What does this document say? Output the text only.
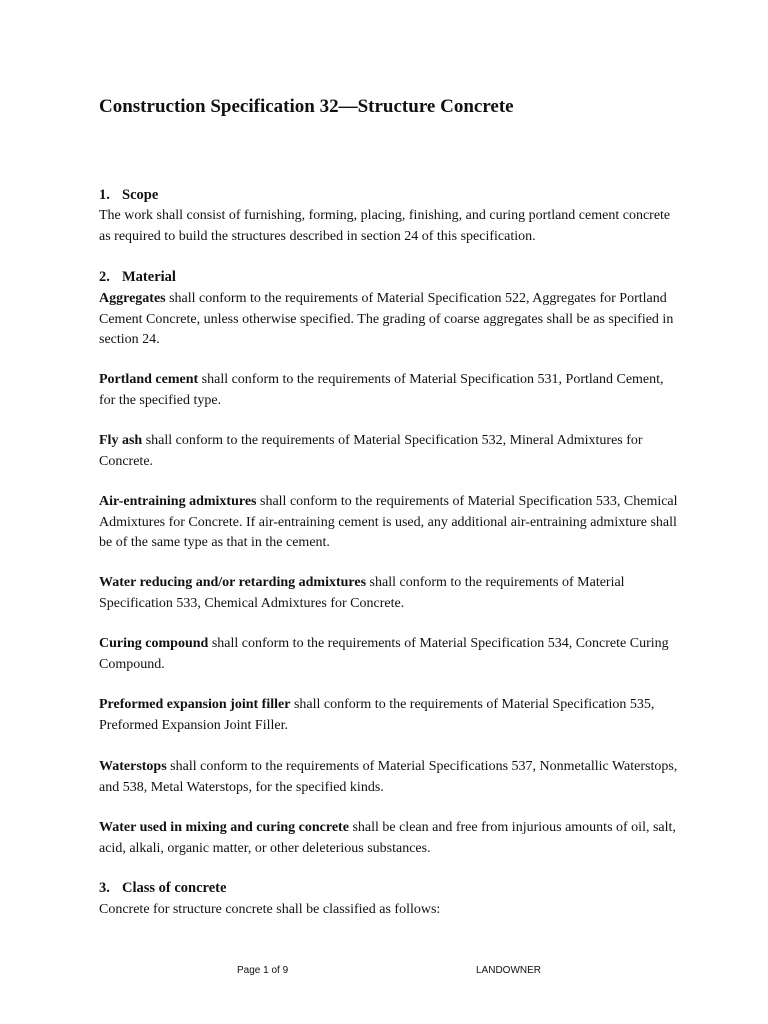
Construction Specification 32—Structure Concrete
1. Scope

The work shall consist of furnishing, forming, placing, finishing, and curing portland cement concrete as required to build the structures described in section 24 of this specification.

2. Material

Aggregates shall conform to the requirements of Material Specification 522, Aggregates for Portland Cement Concrete, unless otherwise specified. The grading of coarse aggregates shall be as specified in section 24.

Portland cement shall conform to the requirements of Material Specification 531, Portland Cement, for the specified type.

Fly ash shall conform to the requirements of Material Specification 532, Mineral Admixtures for Concrete.

Air-entraining admixtures shall conform to the requirements of Material Specification 533, Chemical Admixtures for Concrete. If air-entraining cement is used, any additional air-entraining admixture shall be of the same type as that in the cement.

Water reducing and/or retarding admixtures shall conform to the requirements of Material Specification 533, Chemical Admixtures for Concrete.

Curing compound shall conform to the requirements of Material Specification 534, Concrete Curing Compound.

Preformed expansion joint filler shall conform to the requirements of Material Specification 535, Preformed Expansion Joint Filler.

Waterstops shall conform to the requirements of Material Specifications 537, Nonmetallic Waterstops, and 538, Metal Waterstops, for the specified kinds.

Water used in mixing and curing concrete shall be clean and free from injurious amounts of oil, salt, acid, alkali, organic matter, or other deleterious substances.

3. Class of concrete

Concrete for structure concrete shall be classified as follows:

Page 1 of 9	LANDOWNER
